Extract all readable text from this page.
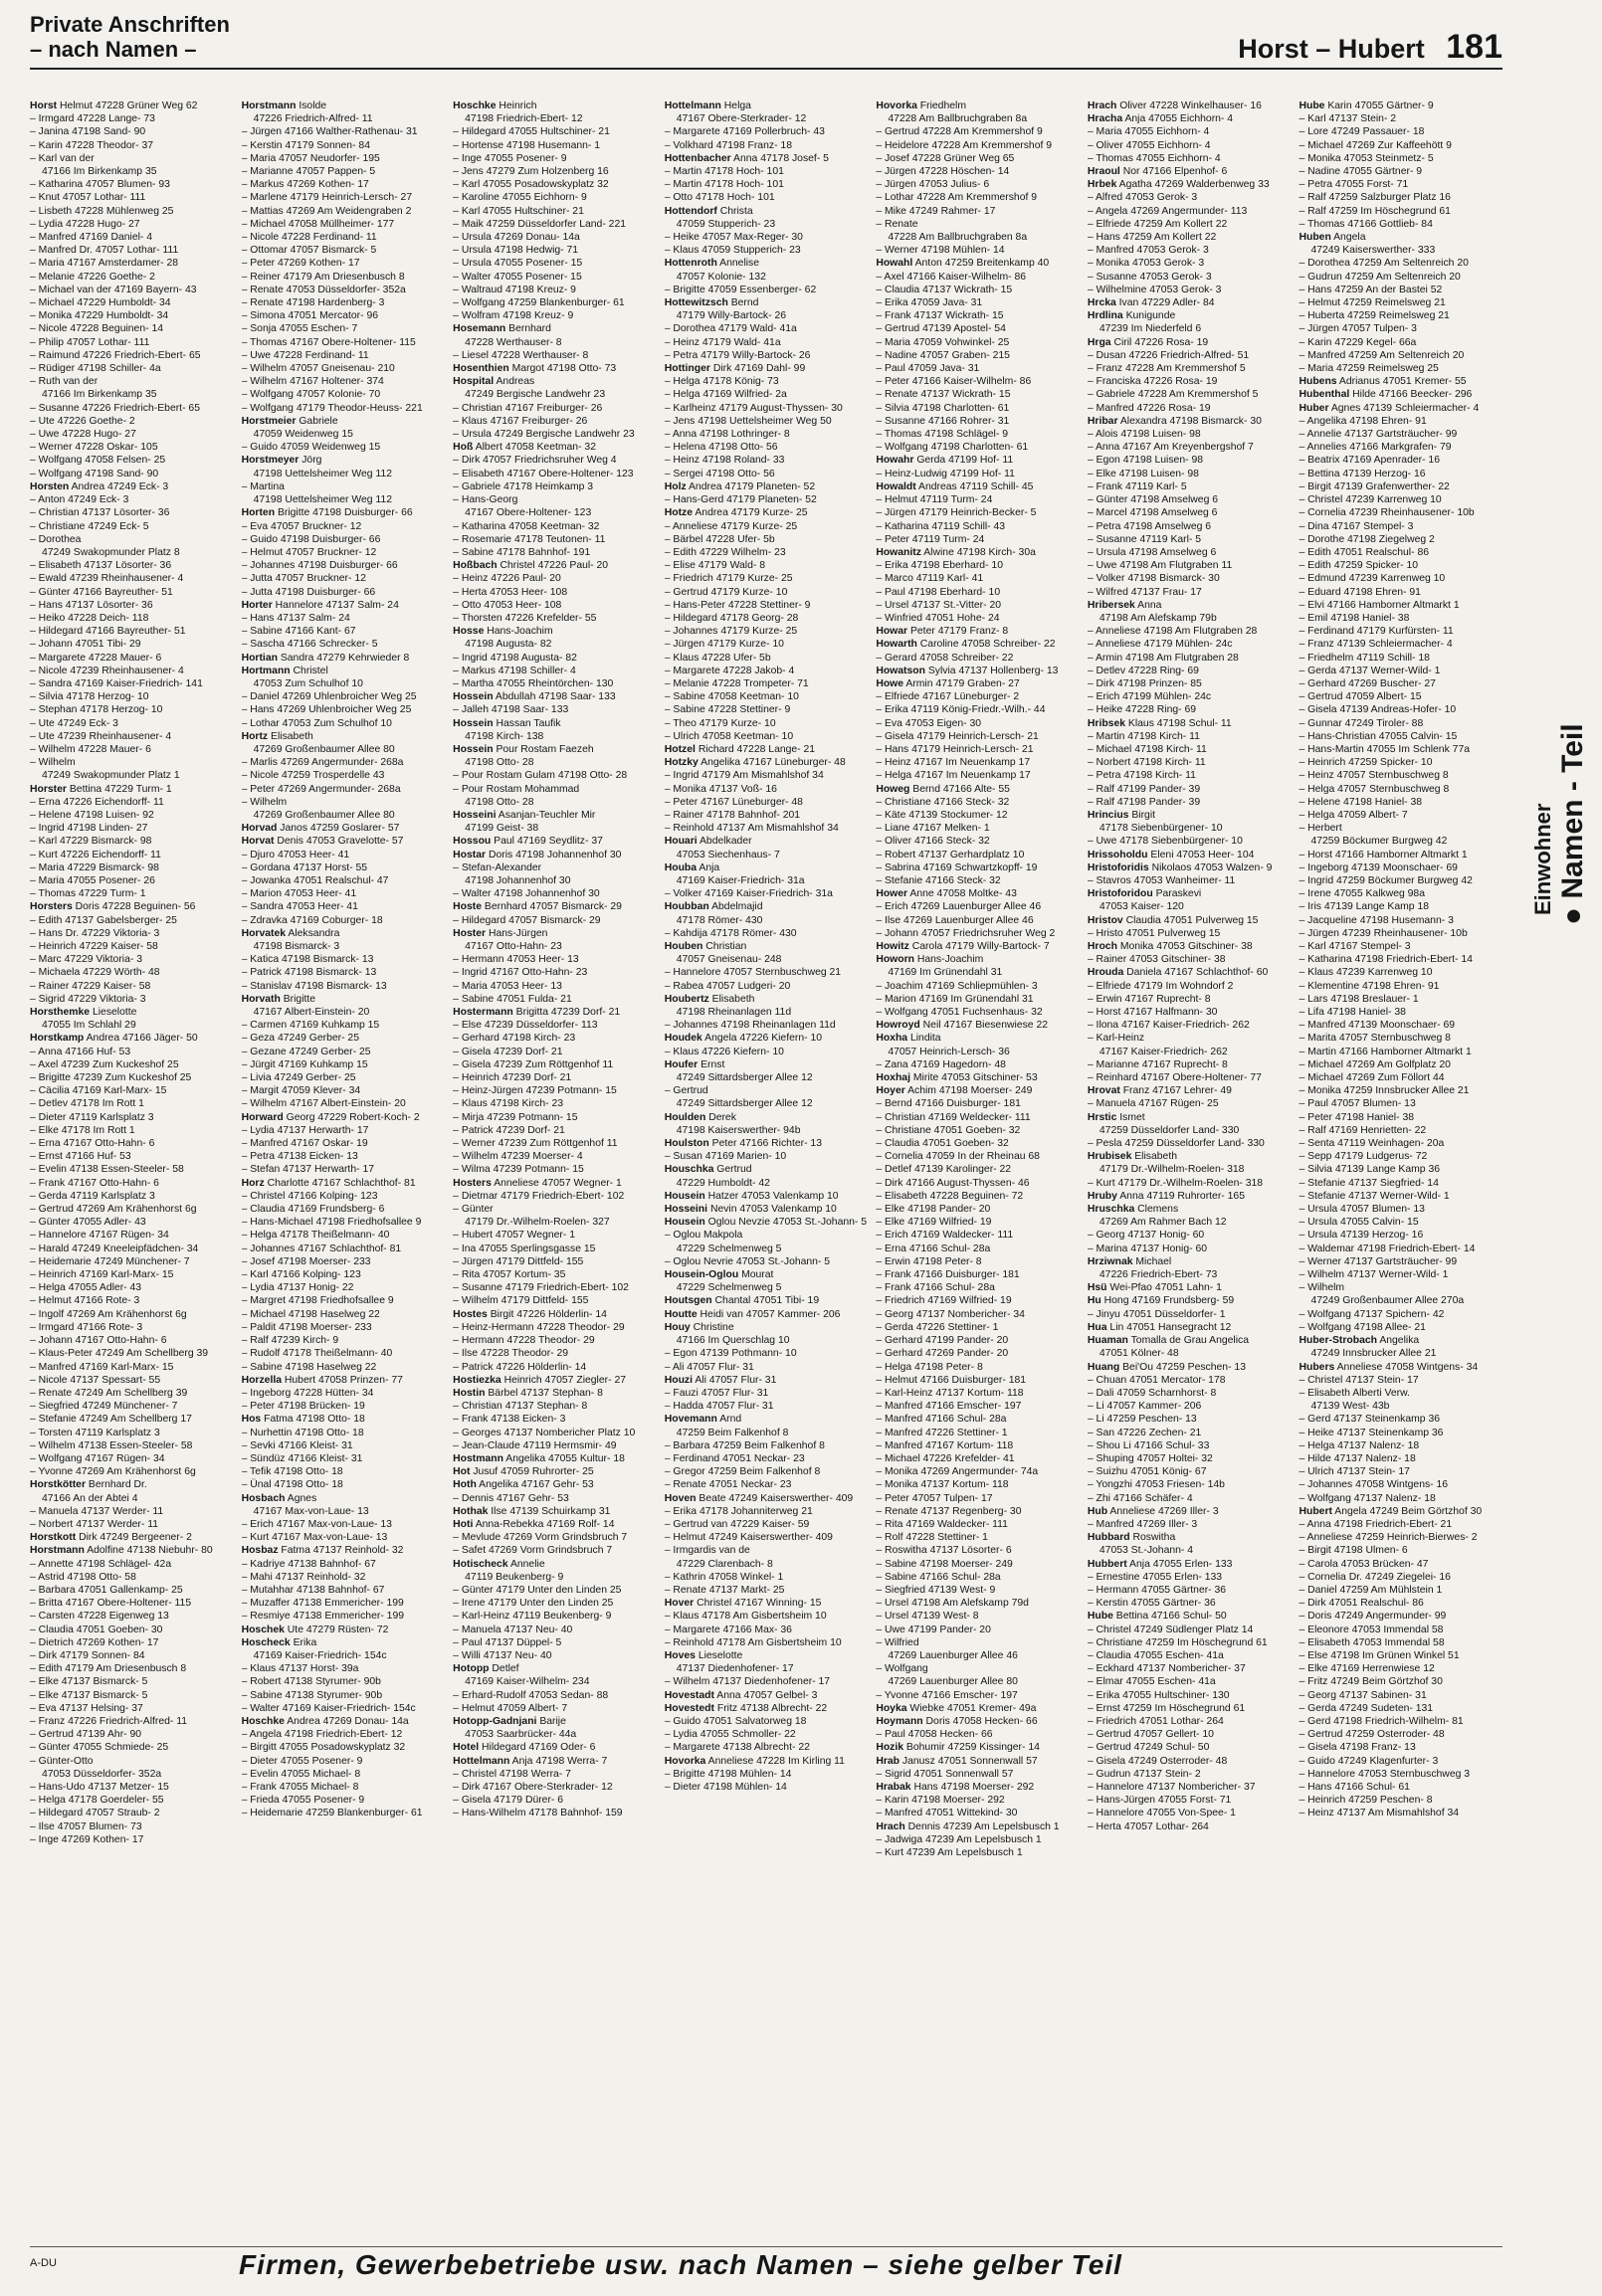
Private Anschriften
– nach Namen –	Horst – Hubert 181
Horst Helmut 47228 Grüner Weg 62
– Irmgard 47228 Lange- 73
– Janina 47198 Sand- 90
– Karin 47228 Theodor- 37
– Karl van der
47166 Im Birkenkamp 35
– Katharina 47057 Blumen- 93
– Knut 47057 Lothar- 111
– Lisbeth 47228 Mühlenweg 25
– Lydia 47228 Hugo- 27
– Manfred 47169 Daniel- 4
– Manfred Dr. 47057 Lothar- 111
– Maria 47167 Amsterdamer- 28
– Melanie 47226 Goethe- 2
– Michael van der 47169 Bayern- 43
– Michael 47229 Humboldt- 34
– Monika 47229 Humboldt- 34
– Nicole 47228 Beguinen- 14
– Philip 47057 Lothar- 111
– Raimund 47226 Friedrich-Ebert- 65
– Rüdiger 47198 Schiller- 4a
– Ruth van der
47166 Im Birkenkamp 35
– Susanne 47226 Friedrich-Ebert- 65
– Ute 47226 Goethe- 2
– Uwe 47228 Hugo- 27
– Werner 47228 Oskar- 105
– Wolfgang 47058 Felsen- 25
– Wolfgang 47198 Sand- 90
Horsten Andrea 47249 Eck- 3
– Anton 47249 Eck- 3
– Christian 47137 Lösorter- 36
– Christiane 47249 Eck- 5
– Dorothea
47249 Swakopmunder Platz 8
– Elisabeth 47137 Lösorter- 36
– Ewald 47239 Rheinhausener- 4
– Günter 47166 Bayreuther- 51
– Hans 47137 Lösorter- 36
– Heiko 47228 Deich- 118
– Hildegard 47166 Bayreuther- 51
– Johann 47051 Tibi- 29
– Margarete 47228 Mauer- 6
– Nicole 47239 Rheinhausener- 4
– Sandra 47169 Kaiser-Friedrich- 141
– Silvia 47178 Herzog- 10
– Stephan 47178 Herzog- 10
– Ute 47249 Eck- 3
– Ute 47239 Rheinhausener- 4
– Wilhelm 47228 Mauer- 6
– Wilhelm
47249 Swakopmunder Platz 1
Horster Bettina 47229 Turm- 1
– Erna 47226 Eichendorff- 11
– Helene 47198 Luisen- 92
– Ingrid 47198 Linden- 27
– Karl 47229 Bismarck- 98
– Kurt 47226 Eichendorff- 11
– Maria 47229 Bismarck- 98
– Maria 47055 Posener- 26
– Thomas 47229 Turm- 1
Horsters Doris 47228 Beguinen- 56
– Edith 47137 Gabelsberger- 25
– Hans Dr. 47229 Viktoria- 3
– Heinrich 47229 Kaiser- 58
– Marc 47229 Viktoria- 3
– Michaela 47229 Wörth- 48
– Rainer 47229 Kaiser- 58
– Sigrid 47229 Viktoria- 3
Horsthemke Lieselotte
47055 Im Schlahl 29
Horstkamp Andrea 47166 Jäger- 50
– Anna 47166 Huf- 53
– Axel 47239 Zum Kuckeshof 25
– Brigitte 47239 Zum Kuckeshof 25
– Cäcilia 47169 Karl-Marx- 15
– Detlev 47178 Im Rott 1
– Dieter 47119 Karlsplatz 3
– Elke 47178 Im Rott 1
– Erna 47167 Otto-Hahn- 6
– Ernst 47166 Huf- 53
– Evelin 47138 Essen-Steeler- 58
– Frank 47167 Otto-Hahn- 6
– Gerda 47119 Karlsplatz 3
– Gertrud 47269 Am Krähenhorst 6g
– Günter 47055 Adler- 43
– Hannelore 47167 Rügen- 34
– Harald 47249 Kneeleipfädchen- 34
– Heidemarie 47249 Münchener- 7
– Heinrich 47169 Karl-Marx- 15
– Helga 47055 Adler- 43
– Helmut 47166 Rote- 3
– Ingolf 47269 Am Krähenhorst 6g
– Irmgard 47166 Rote- 3
– Johann 47167 Otto-Hahn- 6
– Klaus-Peter 47249 Am Schellberg 39
– Manfred 47169 Karl-Marx- 15
– Nicole 47137 Spessart- 55
– Renate 47249 Am Schellberg 39
– Siegfried 47249 Münchener- 7
– Stefanie 47249 Am Schellberg 17
– Torsten 47119 Karlsplatz 3
– Wilhelm 47138 Essen-Steeler- 58
– Wolfgang 47167 Rügen- 34
– Yvonne 47269 Am Krähenhorst 6g
Horstkötter Bernhard Dr.
47166 An der Abtei 4
– Manuela 47137 Werder- 11
– Norbert 47137 Werder- 11
Horstkott Dirk 47249 Bergeener- 2
Horstmann Adolfine 47138 Niebuhr- 80
– Annette 47198 Schlägel- 42a
– Astrid 47198 Otto- 58
– Barbara 47051 Gallenkamp- 25
– Britta 47167 Obere-Holtener- 115
– Carsten 47228 Eigenweg 13
– Claudia 47051 Goeben- 30
– Dietrich 47269 Kothen- 17
– Dirk 47179 Sonnen- 84
– Edith 47179 Am Driesenbusch 8
– Elke 47137 Bismarck- 5
– Elke 47137 Bismarck- 5
– Eva 47137 Helsing- 37
– Franz 47226 Friedrich-Alfred- 11
– Gertrud 47139 Ahr- 90
– Günter 47055 Schmiede- 25
– Günter-Otto
47053 Düsseldorfer- 352a
– Hans-Udo 47137 Metzer- 15
– Helga 47178 Goerdeler- 55
– Hildegard 47057 Straub- 2
– Ilse 47057 Blumen- 73
– Inge 47269 Kothen- 17
Horstmann Isolde
47226 Friedrich-Alfred- 11
– Jürgen 47166 Walther-Rathenau- 31
– Kerstin 47179 Sonnen- 84
– Maria 47057 Neudorfer- 195
– Marianne 47057 Pappen- 5
– Markus 47269 Kothen- 17
– Marlene 47179 Heinrich-Lersch- 27
– Mattias 47269 Am Weidengraben 2
– Michael 47058 Müllheimer- 177
– Nicole 47228 Ferdinand- 11
– Ottomar 47057 Bismarck- 5
– Peter 47269 Kothen- 17
– Reiner 47179 Am Driesenbusch 8
– Renate 47053 Düsseldorfer- 352a
– Renate 47198 Hardenberg- 3
– Simona 47051 Mercator- 96
– Sonja 47055 Eschen- 7
– Thomas 47167 Obere-Holtener- 115
– Uwe 47228 Ferdinand- 11
– Wilhelm 47057 Gneisenau- 210
– Wilhelm 47167 Holtener- 374
– Wolfgang 47057 Kolonie- 70
– Wolfgang 47179 Theodor-Heuss- 221
Horstmeier Gabriele
47059 Weidenweg 15
– Guido 47059 Weidenweg 15
Horstmeyer Jörg
47198 Uettelsheimer Weg 112
– Martina
47198 Uettelsheimer Weg 112
Horten Brigitte 47198 Duisburger- 66
– Eva 47057 Bruckner- 12
– Guido 47198 Duisburger- 66
– Helmut 47057 Bruckner- 12
– Johannes 47198 Duisburger- 66
– Jutta 47057 Bruckner- 12
– Jutta 47198 Duisburger- 66
Horter Hannelore 47137 Salm- 24
– Hans 47137 Salm- 24
– Sabine 47166 Kant- 67
– Sascha 47166 Schrecker- 5
Hortian Sandra 47279 Kehrwieder 8
Hortmann Christel
47053 Zum Schulhof 10
– Daniel 47269 Uhlenbroicher Weg 25
– Hans 47269 Uhlenbroicher Weg 25
– Lothar 47053 Zum Schulhof 10
Hortz Elisabeth
47269 Großenbaumer Allee 80
– Marlis 47269 Angermunder- 268a
– Nicole 47259 Trosperdelle 43
– Peter 47269 Angermunder- 268a
– Wilhelm
47269 Großenbaumer Allee 80
Horvad Janos 47259 Goslarer- 57
Horvat Denis 47053 Gravelotte- 57
– Djuro 47053 Heer- 41
– Gordana 47137 Horst- 55
– Jowanka 47051 Realschul- 47
– Marion 47053 Heer- 41
– Sandra 47053 Heer- 41
– Zdravka 47169 Coburger- 18
Horvatek Aleksandra
47198 Bismarck- 3
– Katica 47198 Bismarck- 13
– Patrick 47198 Bismarck- 13
– Stanislav 47198 Bismarck- 13
Horvath Brigitte
47167 Albert-Einstein- 20
– Carmen 47169 Kuhkamp 15
– Geza 47249 Gerber- 25
– Gezane 47249 Gerber- 25
– Jürgit 47169 Kuhkamp 15
– Livia 47249 Gerber- 25
– Margit 47059 Klever- 34
– Wilhelm 47167 Albert-Einstein- 20
Horward Georg 47229 Robert-Koch- 2
– Lydia 47137 Herwarth- 17
– Manfred 47167 Oskar- 19
– Petra 47138 Eicken- 13
– Stefan 47137 Herwarth- 17
Horz Charlotte 47167 Schlachthof- 81
– Christel 47166 Kolping- 123
– Claudia 47169 Frundsberg- 6
– Hans-Michael 47198 Friedhofsallee 9
– Helga 47178 Theißelmann- 40
– Johannes 47167 Schlachthof- 81
– Josef 47198 Moerser- 233
– Karl 47166 Kolping- 123
– Lydia 47137 Honig- 22
– Margret 47198 Friedhofsallee 9
– Michael 47198 Haselweg 22
– Paldit 47198 Moerser- 233
– Ralf 47239 Kirch- 9
– Rudolf 47178 Theißelmann- 40
– Sabine 47198 Haselweg 22
Horzella Hubert 47058 Prinzen- 77
– Ingeborg 47228 Hütten- 34
– Peter 47198 Brücken- 19
Hos Fatma 47198 Otto- 18
– Nurhettin 47198 Otto- 18
– Sevki 47166 Kleist- 31
– Sündüz 47166 Kleist- 31
– Tefik 47198 Otto- 18
– Ünal 47198 Otto- 18
Hosbach Agnes
47167 Max-von-Laue- 13
– Erich 47167 Max-von-Laue- 13
– Kurt 47167 Max-von-Laue- 13
Hosbaz Fatma 47137 Reinhold- 32
– Kadriye 47138 Bahnhof- 67
– Mahi 47137 Reinhold- 32
– Mutahhar 47138 Bahnhof- 67
– Muzaffer 47138 Emmericher- 199
– Resmiye 47138 Emmericher- 199
Hoschek Ute 47279 Rüsten- 72
Hoscheck Erika
47169 Kaiser-Friedrich- 154c
– Klaus 47137 Horst- 39a
– Robert 47138 Styrumer- 90b
– Sabine 47138 Styrumer- 90b
– Walter 47169 Kaiser-Friedrich- 154c
Hoschke Andrea 47269 Donau- 14a
– Angela 47198 Friedrich-Ebert- 12
– Birgitt 47055 Posadowskyplatz 32
– Dieter 47055 Posener- 9
– Evelin 47055 Michael- 8
– Frank 47055 Michael- 8
– Frieda 47055 Posener- 9
– Heidemarie 47259 Blankenburger- 61
Hoschke Heinrich
47198 Friedrich-Ebert- 12
– Hildegard 47055 Hultschiner- 21
– Hortense 47198 Husemann- 1
– Inge 47055 Posener- 9
– Jens 47279 Zum Holzenberg 16
– Karl 47055 Posadowskyplatz 32
– Karoline 47055 Eichhorn- 9
– Karl 47055 Hultschiner- 21
– Maik 47259 Düsseldorfer Land- 221
– Ursula 47269 Donau- 14a
– Ursula 47198 Hedwig- 71
– Ursula 47055 Posener- 15
– Walter 47055 Posener- 15
– Waltraud 47198 Kreuz- 9
– Wolfgang 47259 Blankenburger- 61
– Wolfram 47198 Kreuz- 9
Hosemann Bernhard
47228 Werthauser- 8
– Liesel 47228 Werthauser- 8
Hosenthien Margot 47198 Otto- 73
Hospital Andreas
47249 Bergische Landwehr 23
– Christian 47167 Freiburger- 26
– Klaus 47167 Freiburger- 26
– Ursula 47249 Bergische Landwehr 23
Hoß Albert 47058 Keetman- 32
– Dirk 47057 Friedrichsruher Weg 4
– Elisabeth 47167 Obere-Holtener- 123
– Gabriele 47178 Heimkamp 3
– Hans-Georg
47167 Obere-Holtener- 123
– Katharina 47058 Keetman- 32
– Rosemarie 47178 Teutonen- 11
– Sabine 47178 Bahnhof- 191
Hoßbach Christel 47226 Paul- 20
– Heinz 47226 Paul- 20
– Herta 47053 Heer- 108
– Otto 47053 Heer- 108
– Thorsten 47226 Krefelder- 55
Hosse Hans-Joachim
47198 Augusta- 82
– Ingrid 47198 Augusta- 82
– Markus 47198 Schiller- 4
– Martha 47055 Rheintörchen- 130
Hossein Abdullah 47198 Saar- 133
– Jalleh 47198 Saar- 133
Hossein Hassan Taufik
47198 Kirch- 138
Hossein Pour Rostam Faezeh
47198 Otto- 28
– Pour Rostam Gulam 47198 Otto- 28
– Pour Rostam Mohammad
47198 Otto- 28
Hosseini Asanjan-Teuchler Mir
47199 Geist- 38
Hossou Paul 47169 Seydlitz- 37
Hostar Doris 47198 Johannenhof 30
– Stefan-Alexander
47198 Johannenhof 30
– Walter 47198 Johannenhof 30
Hoste Bernhard 47057 Bismarck- 29
– Hildegard 47057 Bismarck- 29
Hoster Hans-Jürgen
47167 Otto-Hahn- 23
– Hermann 47053 Heer- 13
– Ingrid 47167 Otto-Hahn- 23
– Maria 47053 Heer- 13
– Sabine 47051 Fulda- 21
Hostermann Brigitta 47239 Dorf- 21
– Else 47239 Düsseldorfer- 113
– Gerhard 47198 Kirch- 23
– Gisela 47239 Dorf- 21
– Gisela 47239 Zum Röttgenhof 11
– Heinrich 47239 Dorf- 21
– Heinz-Jürgen 47239 Potmann- 15
– Klaus 47198 Kirch- 23
– Mirja 47239 Potmann- 15
– Patrick 47239 Dorf- 21
– Werner 47239 Zum Röttgenhof 11
– Wilhelm 47239 Moerser- 4
– Wilma 47239 Potmann- 15
Hosters Anneliese 47057 Wegner- 1
– Dietmar 47179 Friedrich-Ebert- 102
– Günter
47179 Dr.-Wilhelm-Roelen- 327
– Hubert 47057 Wegner- 1
– Ina 47055 Sperlingsgasse 15
– Jürgen 47179 Dittfeld- 155
– Rita 47057 Kortum- 35
– Susanne 47179 Friedrich-Ebert- 102
– Wilhelm 47179 Dittfeld- 155
Hostes Birgit 47226 Hölderlin- 14
– Heinz-Hermann 47228 Theodor- 29
– Hermann 47228 Theodor- 29
– Ilse 47228 Theodor- 29
– Patrick 47226 Hölderlin- 14
Hostiezka Heinrich 47057 Ziegler- 27
Hostin Bärbel 47137 Stephan- 8
– Christian 47137 Stephan- 8
– Frank 47138 Eicken- 3
– Georges 47137 Nombericher Platz 10
– Jean-Claude 47119 Hermsmir- 49
Hostmann Angelika 47055 Kultur- 18
Hot Jusuf 47059 Ruhrorter- 25
Hoth Angelika 47167 Gehr- 53
– Dennis 47167 Gehr- 53
Hothak Ilse 47139 Schuirkamp 31
Hoti Anna-Rebekka 47169 Rolf- 14
– Mevlude 47269 Vorm Grindsbruch 7
– Safet 47269 Vorm Grindsbruch 7
Hotischeck Annelie
47119 Beukenberg- 9
– Günter 47179 Unter den Linden 25
– Irene 47179 Unter den Linden 25
– Karl-Heinz 47119 Beukenberg- 9
– Manuela 47137 Neu- 40
– Paul 47137 Düppel- 5
– Willi 47137 Neu- 40
Hotopp Detlef
47169 Kaiser-Wilhelm- 234
– Erhard-Rudolf 47053 Sedan- 88
– Helmut 47059 Albert- 7
Hotopp-Gadnjani Barije
47053 Saarbrücker- 44a
Hotel Hildegard 47169 Oder- 6
Hottelmann Anja 47198 Werra- 7
– Christel 47198 Werra- 7
– Dirk 47167 Obere-Sterkrader- 12
– Gisela 47179 Dürer- 6
– Hans-Wilhelm 47178 Bahnhof- 159
Hottelmann Helga
47167 Obere-Sterkrader- 12
– Margarete 47169 Pollerbruch- 43
– Volkhard 47198 Franz- 18
Hottenbacher Anna 47178 Josef- 5
– Martin 47178 Hoch- 101
– Martin 47178 Hoch- 101
– Otto 47178 Hoch- 101
Hottendorf Christa
47059 Stupperich- 23
– Heike 47057 Max-Reger- 30
– Klaus 47059 Stupperich- 23
Hottenroth Annelise
47057 Kolonie- 132
– Brigitte 47059 Essenberger- 62
Hottewitzsch Bernd
47179 Willy-Bartock- 26
– Dorothea 47179 Wald- 41a
– Heinz 47179 Wald- 41a
– Petra 47179 Willy-Bartock- 26
Hottinger Dirk 47169 Dahl- 99
– Helga 47178 König- 73
– Helga 47169 Wilfried- 2a
– Karlheinz 47179 August-Thyssen- 30
– Jens 47198 Uettelsheimer Weg 50
– Anna 47198 Lothringer- 8
– Helena 47198 Otto- 56
– Heinz 47198 Roland- 33
– Sergei 47198 Otto- 56
Holz Andrea 47179 Planeten- 52
– Hans-Gerd 47179 Planeten- 52
Hotze Andrea 47179 Kurze- 25
– Anneliese 47179 Kurze- 25
– Bärbel 47228 Ufer- 5b
– Edith 47229 Wilhelm- 23
– Elise 47179 Wald- 8
– Friedrich 47179 Kurze- 25
– Gertrud 47179 Kurze- 10
– Hans-Peter 47228 Stettiner- 9
– Hildegard 47178 Georg- 28
– Johannes 47179 Kurze- 25
– Jürgen 47179 Kurze- 10
– Klaus 47228 Ufer- 5b
– Margarete 47228 Jakob- 4
– Melanie 47228 Trompeter- 71
– Sabine 47058 Keetman- 10
– Sabine 47228 Stettiner- 9
– Theo 47179 Kurze- 10
– Ulrich 47058 Keetman- 10
Hotzel Richard 47228 Lange- 21
Hotzky Angelika 47167 Lüneburger- 48
– Ingrid 47179 Am Mismahlshof 34
– Monika 47137 Voß- 16
– Peter 47167 Lüneburger- 48
– Rainer 47178 Bahnhof- 201
– Reinhold 47137 Am Mismahlshof 34
Houari Abdelkader
47053 Siechenhaus- 7
Houba Anja
47169 Kaiser-Friedrich- 31a
– Volker 47169 Kaiser-Friedrich- 31a
Houbban Abdelmajid
47178 Römer- 430
– Kahdija 47178 Römer- 430
Houben Christian
47057 Gneisenau- 248
– Hannelore 47057 Sternbuschweg 21
– Rabea 47057 Ludgeri- 20
Houbertz Elisabeth
47198 Rheinanlagen 11d
– Johannes 47198 Rheinanlagen 11d
Houdek Angela 47226 Kiefern- 10
– Klaus 47226 Kiefern- 10
Houfer Ernst
47249 Sittardsberger Allee 12
– Gertrud
47249 Sittardsberger Allee 12
Houlden Derek
47198 Kaiserswerther- 94b
Houlston Peter 47166 Richter- 13
– Susan 47169 Marien- 10
Houschka Gertrud
47229 Humboldt- 42
Housein Hatzer 47053 Valenkamp 10
Hosseini Nevin 47053 Valenkamp 10
Housein Oglou Nevzie 47053 St.-Johann- 5
– Oglou Makpola
47229 Schelmenweg 5
– Oglou Nevrie 47053 St.-Johann- 5
Housein-Oglou Mourat
47229 Schelmenweg 5
Houtsgen Chantal 47051 Tibi- 19
Houtte Heidi van 47057 Kammer- 206
Houy Christine
47166 Im Querschlag 10
– Egon 47139 Pothmann- 10
– Ali 47057 Flur- 31
Houzi Ali 47057 Flur- 31
– Fauzi 47057 Flur- 31
– Hadda 47057 Flur- 31
Hovemann Arnd
47259 Beim Falkenhof 8
– Barbara 47259 Beim Falkenhof 8
– Ferdinand 47051 Neckar- 23
– Gregor 47259 Beim Falkenhof 8
– Renate 47051 Neckar- 23
Hoven Beate 47249 Kaiserswerther- 409
– Erika 47178 Johanniterweg 21
– Gertrud van 47229 Kaiser- 59
– Helmut 47249 Kaiserswerther- 409
– Irmgardis van de
47229 Clarenbach- 8
– Kathrin 47058 Winkel- 1
– Renate 47137 Markt- 25
Hover Christel 47167 Winning- 15
– Klaus 47178 Am Gisbertsheim 10
– Margarete 47166 Max- 36
– Reinhold 47178 Am Gisbertsheim 10
Hoves Lieselotte
47137 Diedenhofener- 17
– Wilhelm 47137 Diedenhofener- 17
Hovestadt Anna 47057 Gelbel- 3
Hovestedt Fritz 47138 Albrecht- 22
– Guido 47051 Salvatorweg 18
– Lydia 47055 Schmoller- 22
– Margarete 47138 Albrecht- 22
Hovorka Anneliese 47228 Im Kirling 11
– Brigitte 47198 Mühlen- 14
– Dieter 47198 Mühlen- 14
Hovorka Friedhelm
47228 Am Ballbruchgraben 8a
– Gertrud 47228 Am Kremmershof 9
– Heidelore 47228 Am Kremmershof 9
– Josef 47228 Grüner Weg 65
– Jürgen 47228 Höschen- 14
– Jürgen 47053 Julius- 6
– Lothar 47228 Am Kremmershof 9
– Mike 47249 Rahmer- 17
– Renate
47228 Am Ballbruchgraben 8a
– Werner 47198 Mühlen- 14
Howahl Anton 47259 Breitenkamp 40
– Axel 47166 Kaiser-Wilhelm- 86
– Claudia 47137 Wickrath- 15
– Erika 47059 Java- 31
– Frank 47137 Wickrath- 15
– Gertrud 47139 Apostel- 54
– Maria 47059 Vohwinkel- 25
– Nadine 47057 Graben- 215
– Paul 47059 Java- 31
– Peter 47166 Kaiser-Wilhelm- 86
– Renate 47137 Wickrath- 15
– Silvia 47198 Charlotten- 61
– Susanne 47166 Rohrer- 31
– Thomas 47198 Schlägel- 9
– Wolfgang 47198 Charlotten- 61
Howahr Gerda 47199 Hof- 11
– Heinz-Ludwig 47199 Hof- 11
Howaldt Andreas 47119 Schill- 45
– Helmut 47119 Turm- 24
– Jürgen 47179 Heinrich-Becker- 5
– Katharina 47119 Schill- 43
– Peter 47119 Turm- 24
Howanitz Alwine 47198 Kirch- 30a
– Erika 47198 Eberhard- 10
– Marco 47119 Karl- 41
– Paul 47198 Eberhard- 10
– Ursel 47137 St.-Vitter- 20
– Winfried 47051 Hohe- 24
Howar Peter 47179 Franz- 8
Howarth Caroline 47058 Schreiber- 22
– Gerard 47058 Schreiber- 22
Howatson Sylvia 47137 Hollenberg- 13
Howe Armin 47179 Graben- 27
– Elfriede 47167 Lüneburger- 2
– Erika 47119 König-Friedr.-Wilh.- 44
– Eva 47053 Eigen- 30
– Gisela 47179 Heinrich-Lersch- 21
– Hans 47179 Heinrich-Lersch- 21
– Heinz 47167 Im Neuenkamp 17
– Helga 47167 Im Neuenkamp 17
Howeg Bernd 47166 Alte- 55
– Christiane 47166 Steck- 32
– Käte 47139 Stockumer- 12
– Liane 47167 Melken- 1
– Oliver 47166 Steck- 32
– Robert 47137 Gerhardplatz 10
– Sabrina 47169 Schwartzkopff- 19
– Stefanie 47166 Steck- 32
Hower Anne 47058 Moltke- 43
– Erich 47269 Lauenburger Allee 46
– Ilse 47269 Lauenburger Allee 46
– Johann 47057 Friedrichsruher Weg 2
Howitz Carola 47179 Willy-Bartock- 7
Howorn Hans-Joachim
47169 Im Grünendahl 31
– Joachim 47169 Schliepmühlen- 3
– Marion 47169 Im Grünendahl 31
– Wolfgang 47051 Fuchsenhaus- 32
Howroyd Neil 47167 Biesenwiese 22
Hoxha Lindita
47057 Heinrich-Lersch- 36
– Zana 47169 Hagedorn- 48
Hoxhaj Mirite 47053 Gitschiner- 53
Hoyer Achim 47198 Moerser- 249
– Bernd 47166 Duisburger- 181
– Christian 47169 Weldecker- 111
– Christiane 47051 Goeben- 32
– Claudia 47051 Goeben- 32
– Cornelia 47059 In der Rheinau 68
– Detlef 47139 Karolinger- 22
– Dirk 47166 August-Thyssen- 46
– Elisabeth 47228 Beguinen- 72
– Elke 47198 Pander- 20
– Elke 47169 Wilfried- 19
– Erich 47169 Waldecker- 111
– Erna 47166 Schul- 28a
– Erwin 47198 Peter- 8
– Frank 47166 Duisburger- 181
– Frank 47166 Schul- 28a
– Friedrich 47169 Wilfried- 19
– Georg 47137 Nombericher- 34
– Gerda 47226 Stettiner- 1
– Gerhard 47199 Pander- 20
– Gerhard 47269 Pander- 20
– Helga 47198 Peter- 8
– Helmut 47166 Duisburger- 181
– Karl-Heinz 47137 Kortum- 118
– Manfred 47166 Emscher- 197
– Manfred 47166 Schul- 28a
– Manfred 47226 Stettiner- 1
– Manfred 47167 Kortum- 118
– Michael 47226 Krefelder- 41
– Monika 47269 Angermunder- 74a
– Monika 47137 Kortum- 118
– Peter 47057 Tulpen- 17
– Renate 47137 Regenberg- 30
– Rita 47169 Waldecker- 111
– Rolf 47228 Stettiner- 1
– Roswitha 47137 Lösorter- 6
– Sabine 47198 Moerser- 249
– Sabine 47166 Schul- 28a
– Siegfried 47139 West- 9
– Ursel 47198 Am Alefskamp 79d
– Ursel 47139 West- 8
– Uwe 47199 Pander- 20
– Wilfried
47269 Lauenburger Allee 46
– Wolfgang
47269 Lauenburger Allee 80
– Yvonne 47166 Emscher- 197
Hoyka Wiebke 47051 Kremer- 49a
Hoymann Doris 47058 Hecken- 66
– Paul 47058 Hecken- 66
Hozik Bohumir 47259 Kissinger- 14
Hrab Janusz 47051 Sonnenwall 57
– Sigrid 47051 Sonnenwall 57
Hrabak Hans 47198 Moerser- 292
– Karin 47198 Moerser- 292
– Manfred 47051 Wittekind- 30
Hrach Dennis 47239 Am Lepelsbusch 1
– Jadwiga 47239 Am Lepelsbusch 1
– Kurt 47239 Am Lepelsbusch 1
Hrach Oliver 47228 Winkelhauser- 16
Hracha Anja 47055 Eichhorn- 4
– Maria 47055 Eichhorn- 4
– Oliver 47055 Eichhorn- 4
– Thomas 47055 Eichhorn- 4
Hraoul Nor 47166 Elpenhof- 6
Hrbek Agatha 47269 Walderbenweg 33
– Alfred 47053 Gerok- 3
– Angela 47269 Angermunder- 113
– Elfriede 47259 Am Kollert 22
– Hans 47259 Am Kollert 22
– Manfred 47053 Gerok- 3
– Monika 47053 Gerok- 3
– Susanne 47053 Gerok- 3
– Wilhelmine 47053 Gerok- 3
Hrcka Ivan 47229 Adler- 84
Hrdlina Kunigunde
47239 Im Niederfeld 6
Hrga Ciril 47226 Rosa- 19
– Dusan 47226 Friedrich-Alfred- 51
– Franz 47228 Am Kremmershof 5
– Franciska 47226 Rosa- 19
– Gabriele 47228 Am Kremmershof 5
– Manfred 47226 Rosa- 19
Hribar Alexandra 47198 Bismarck- 30
– Alois 47198 Luisen- 98
– Anna 47167 Am Kreyenbergshof 7
– Egon 47198 Luisen- 98
– Elke 47198 Luisen- 98
– Frank 47119 Karl- 5
– Günter 47198 Amselweg 6
– Marcel 47198 Amselweg 6
– Petra 47198 Amselweg 6
– Susanne 47119 Karl- 5
– Ursula 47198 Amselweg 6
– Uwe 47198 Am Flutgraben 11
– Volker 47198 Bismarck- 30
– Wilfred 47137 Frau- 17
Hribersek Anna
47198 Am Alefskamp 79b
– Anneliese 47198 Am Flutgraben 28
– Anneliese 47179 Mühlen- 24c
– Armin 47198 Am Flutgraben 28
– Detlev 47228 Ring- 69
– Dirk 47198 Prinzen- 85
– Erich 47199 Mühlen- 24c
– Heike 47228 Ring- 69
Hribsek Klaus 47198 Schul- 11
– Martin 47198 Kirch- 11
– Michael 47198 Kirch- 11
– Norbert 47198 Kirch- 11
– Petra 47198 Kirch- 11
– Ralf 47199 Pander- 39
– Ralf 47198 Pander- 39
Hrincius Birgit
47178 Siebenbürgener- 10
– Uwe 47178 Siebenbürgener- 10
Hrissoholdu Eleni 47053 Heer- 104
Hristoforidis Nikolaos 47053 Walzen- 9
– Stavros 47053 Wanheimer- 11
Hristoforidou Paraskevi
47053 Kaiser- 120
Hristov Claudia 47051 Pulverweg 15
– Hristo 47051 Pulverweg 15
Hroch Monika 47053 Gitschiner- 38
– Rainer 47053 Gitschiner- 38
Hrouda Daniela 47167 Schlachthof- 60
– Elfriede 47179 Im Wohndorf 2
– Erwin 47167 Ruprecht- 8
– Horst 47167 Halfmann- 30
– Ilona 47167 Kaiser-Friedrich- 262
– Karl-Heinz
47167 Kaiser-Friedrich- 262
– Marianne 47167 Ruprecht- 8
– Reinhard 47167 Obere-Holtener- 77
Hrovat Franz 47167 Lehrer- 49
– Manuela 47167 Rügen- 25
Hrstic Ismet
47259 Düsseldorfer Land- 330
– Pesla 47259 Düsseldorfer Land- 330
Hrubisek Elisabeth
47179 Dr.-Wilhelm-Roelen- 318
– Kurt 47179 Dr.-Wilhelm-Roelen- 318
Hruby Anna 47119 Ruhrorter- 165
Hruschka Clemens
47269 Am Rahmer Bach 12
– Georg 47137 Honig- 60
– Marina 47137 Honig- 60
Hrziwnak Michael
47226 Friedrich-Ebert- 73
Hsü Wei-Pfao 47051 Lahn- 1
Hu Hong 47169 Frundsberg- 59
– Jinyu 47051 Düsseldorfer- 1
Hua Lin 47051 Hansegracht 12
Huaman Tomalla de Grau Angelica
47051 Kölner- 48
Huang Bei'Ou 47259 Peschen- 13
– Chuan 47051 Mercator- 178
– Dali 47059 Scharnhorst- 8
– Li 47057 Kammer- 206
– Li 47259 Peschen- 13
– San 47226 Zechen- 21
– Shou Li 47166 Schul- 33
– Shuping 47057 Holtei- 32
– Suizhu 47051 König- 67
– Yongzhi 47053 Friesen- 14b
– Zhi 47166 Schäfer- 4
Hub Anneliese 47269 Iller- 3
– Manfred 47269 Iller- 3
Hubbard Roswitha
47053 St.-Johann- 4
Hubbert Anja 47055 Erlen- 133
– Ernestine 47055 Erlen- 133
– Hermann 47055 Gärtner- 36
– Kerstin 47055 Gärtner- 36
Hube Bettina 47166 Schul- 50
– Christel 47249 Südlenger Platz 14
– Christiane 47259 Im Höschegrund 61
– Claudia 47055 Eschen- 41a
– Eckhard 47137 Nombericher- 37
– Elmar 47055 Eschen- 41a
– Erika 47055 Hultschiner- 130
– Ernst 47259 Im Höschegrund 61
– Friedrich 47051 Lothar- 264
– Gertrud 47057 Gellert- 10
– Gertrud 47249 Schul- 50
– Gisela 47249 Osterroder- 48
– Gudrun 47137 Stein- 2
– Hannelore 47137 Nombericher- 37
– Hans-Jürgen 47055 Forst- 71
– Hannelore 47055 Von-Spee- 1
– Herta 47057 Lothar- 264
Hube Karin 47055 Gärtner- 9
– Karl 47137 Stein- 2
– Lore 47249 Passauer- 18
– Michael 47269 Zur Kaffeehött 9
– Monika 47053 Steinmetz- 5
– Nadine 47055 Gärtner- 9
– Petra 47055 Forst- 71
– Ralf 47259 Salzburger Platz 16
– Ralf 47259 Im Höschegrund 61
– Thomas 47166 Gottlieb- 84
Huben Angela
47249 Kaiserswerther- 333
– Dorothea 47259 Am Seltenreich 20
– Gudrun 47259 Am Seltenreich 20
– Hans 47259 An der Bastei 52
– Helmut 47259 Reimelsweg 21
– Huberta 47259 Reimelsweg 21
– Jürgen 47057 Tulpen- 3
– Karin 47229 Kegel- 66a
– Manfred 47259 Am Seltenreich 20
– Maria 47259 Reimelsweg 25
Hubens Adrianus 47051 Kremer- 55
Hubenthal Hilde 47166 Beecker- 296
Huber Agnes 47139 Schleiermacher- 4
– Angelika 47198 Ehren- 91
– Annelie 47137 Gartsträucher- 99
– Annelies 47166 Markgrafen- 79
– Beatrix 47169 Apenrader- 16
– Bettina 47139 Herzog- 16
– Birgit 47139 Grafenwerther- 22
– Christel 47239 Karrenweg 10
– Cornelia 47239 Rheinhausener- 10b
– Dina 47167 Stempel- 3
– Dorothe 47198 Ziegelweg 2
– Edith 47051 Realschul- 86
– Edith 47259 Spicker- 10
– Edmund 47239 Karrenweg 10
– Eduard 47198 Ehren- 91
– Elvi 47166 Hamborner Altmarkt 1
– Emil 47198 Haniel- 38
– Ferdinand 47179 Kurfürsten- 11
– Franz 47139 Schleiermacher- 4
– Friedhelm 47119 Schill- 18
– Gerda 47137 Werner-Wild- 1
– Gerhard 47269 Buscher- 27
– Gertrud 47059 Albert- 15
– Gisela 47139 Andreas-Hofer- 10
– Gunnar 47249 Tiroler- 88
– Hans-Christian 47055 Calvin- 15
– Hans-Martin 47055 Im Schlenk 77a
– Heinrich 47259 Spicker- 10
– Heinz 47057 Sternbuschweg 8
– Helga 47057 Sternbuschweg 8
– Helene 47198 Haniel- 38
– Helga 47059 Albert- 7
– Herbert
47259 Böckumer Burgweg 42
– Horst 47166 Hamborner Altmarkt 1
– Ingeborg 47139 Moonschaer- 69
– Ingrid 47259 Böckumer Burgweg 42
– Irene 47055 Kalkweg 98a
– Iris 47139 Lange Kamp 18
– Jacqueline 47198 Husemann- 3
– Jürgen 47239 Rheinhausener- 10b
– Karl 47167 Stempel- 3
– Katharina 47198 Friedrich-Ebert- 14
– Klaus 47239 Karrenweg 10
– Klementine 47198 Ehren- 91
– Lars 47198 Breslauer- 1
– Lifa 47198 Haniel- 38
– Manfred 47139 Moonschaer- 69
– Marita 47057 Sternbuschweg 8
– Martin 47166 Hamborner Altmarkt 1
– Michael 47269 Am Golfplatz 20
– Michael 47269 Zum Föllort 44
– Monika 47259 Innsbrucker Allee 21
– Paul 47057 Blumen- 13
– Peter 47198 Haniel- 38
– Ralf 47169 Henrietten- 22
– Senta 47119 Weinhagen- 20a
– Sepp 47179 Ludgerus- 72
– Silvia 47139 Lange Kamp 36
– Stefanie 47137 Siegfried- 14
– Stefanie 47137 Werner-Wild- 1
– Ursula 47057 Blumen- 13
– Ursula 47055 Calvin- 15
– Ursula 47139 Herzog- 16
– Waldemar 47198 Friedrich-Ebert- 14
– Werner 47137 Gartsträucher- 99
– Wilhelm 47137 Werner-Wild- 1
– Wilhelm
47249 Großenbaumer Allee 270a
– Wolfgang 47137 Spichern- 42
– Wolfgang 47198 Allee- 21
Huber-Strobach Angelika
47249 Innsbrucker Allee 21
Hubers Anneliese 47058 Wintgens- 34
– Christel 47137 Stein- 17
– Elisabeth Alberti Verw.
47139 West- 43b
– Gerd 47137 Steinenkamp 36
– Heike 47137 Steinenkamp 36
– Helga 47137 Nalenz- 18
– Hilde 47137 Nalenz- 18
– Ulrich 47137 Stein- 17
– Johannes 47058 Wintgens- 16
– Wolfgang 47137 Nalenz- 18
Hubert Angela 47249 Beim Görtzhof 30
– Anna 47198 Friedrich-Ebert- 21
– Anneliese 47259 Heinrich-Bierwes- 2
– Birgit 47198 Ulmen- 6
– Carola 47053 Brücken- 47
– Cornelia Dr. 47249 Ziegelei- 16
– Daniel 47259 Am Mühlstein 1
– Dirk 47051 Realschul- 86
– Doris 47249 Angermunder- 99
– Eleonore 47053 Immendal 58
– Elisabeth 47053 Immendal 58
– Else 47198 Im Grünen Winkel 51
– Elke 47169 Herrenwiese 12
– Fritz 47249 Beim Görtzhof 30
– Georg 47137 Sabinen- 31
– Gerda 47249 Sudeten- 131
– Gerd 47198 Friedrich-Wilhelm- 81
– Gertrud 47259 Osterroder- 48
– Gisela 47198 Franz- 13
– Guido 47249 Klagenfurter- 3
– Hannelore 47053 Sternbuschweg 3
– Hans 47166 Schul- 61
– Heinrich 47259 Peschen- 8
– Heinz 47137 Am Mismahlshof 34
Einwohner ● Namen - Teil
A-DU	Firmen, Gewerbebetriebe usw. nach Namen – siehe gelber Teil
